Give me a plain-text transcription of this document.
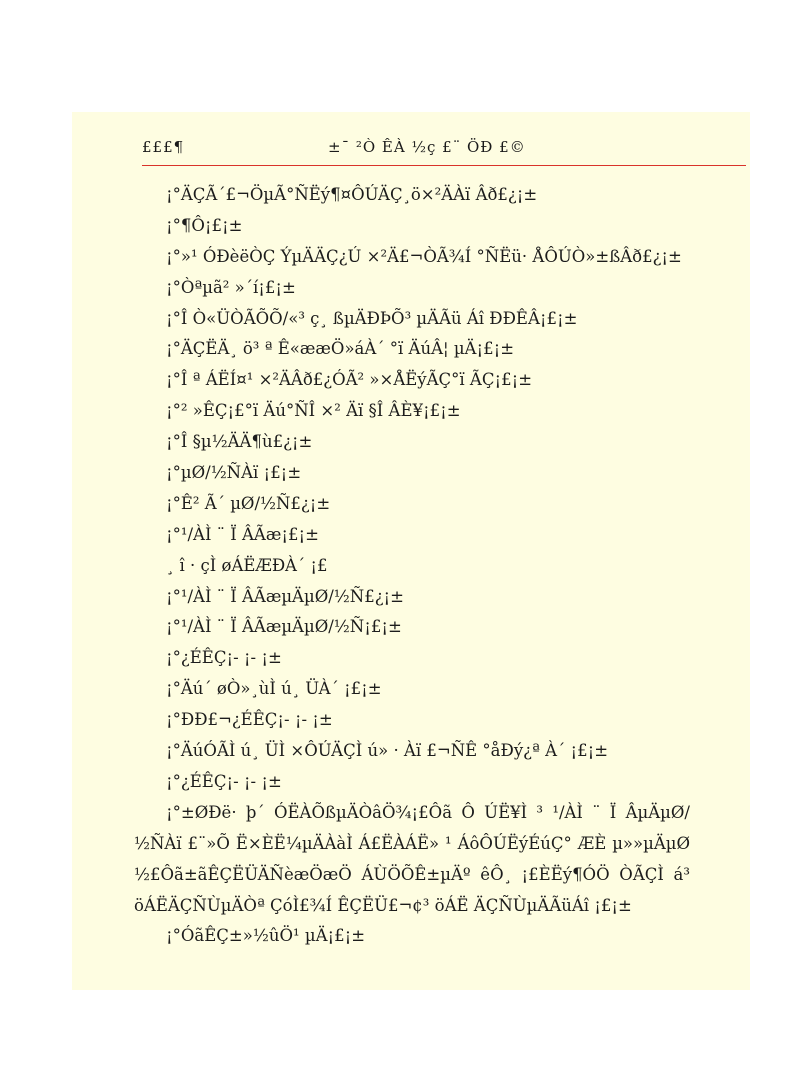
£££¶	±¯ ²Ò ÊÀ ½ç £¨ ÖÐ £©
¡°ÄÇÃ´£¬ÖµÃ°ÑËý¶¤ÔÚÄÇ¸ö×²ÄÀï Âð£¿¡±
¡°¶Ô¡£¡±
¡°»¹ ÓÐèëÒÇ ÝµÄÄÇ¿Ú ×²Ä£¬ÒÃ¾Í °ÑËü· ÅÔÚÒ»±ßÂð£¿¡±
¡°Òªµã² »´í¡£¡±
¡°Î Ò«ÜÒÃÕÕ/«³ ç¸ ßµÄÐÞÕ³ µÄÃü Áî ÐÐÊÂ¡£¡±
¡°ÄÇËÄ¸ ö³ ª Ê«ææÖ»áÀ´ °ï ÄúÂ¦ µÄ¡£¡±
¡°Î ª ÁËÍ¤¹ ×²ÄÂð£¿ÓÃ² »×ÅËýÃÇ°ï ÃÇ¡£¡±
¡°² »ÊÇ¡£°ï Äú°ÑÎ ×² Äï §Î ÂÈ¥¡£¡±
¡°Î §µ½ÄÄ¶ù£¿¡±
¡°µØ/½ÑÀï ¡£¡±
¡°Ê² Ã´ µØ/½Ñ£¿¡±
¡°¹/ÀÌ ¨ Ï ÂÃæ¡£¡±
¸ î · çÌ øÁËÆÐÀ´ ¡£
¡°¹/ÀÌ ¨ Ï ÂÃæµÄµØ/½Ñ£¿¡±
¡°¹/ÀÌ ¨ Ï ÂÃæµÄµØ/½Ñ¡£¡±
¡°¿ÉÊÇ¡- ¡- ¡±
¡°Äú´ øÒ»¸ùÌ ú¸ ÜÀ´ ¡£¡±
¡°ÐÐ£¬¿ÉÊÇ¡- ¡- ¡±
¡°ÄúÓÃÌ ú¸ ÜÌ ×ÔÚÄÇÌ ú» · Àï £¬ÑÊ °åÐý¿ª À´ ¡£¡±
¡°¿ÉÊÇ¡- ¡- ¡±
¡°±ØÐë· þ´ ÓËÀÕßµÄÒâÖ¾¡£Ôã Ô ÚË¥Ì ³ ¹/ÀÌ ¨ Ï ÂµÄµØ/½ÑÀï £¨»Õ Ë×ÈË¼µÄÀàÌ Á£ËÀÁË» ¹ ÁôÔÚËýÉúÇ° ÆÈ µ»»µÄµØ ½£Ôã±ãÊÇËÜÄÑèæÖæÖ ÁÙÖÕÊ±µÄº êÔ¸ ¡£ÈËý¶ÓÖ ÒÃÇÌ á³ öÁËÄÇÑÙµÄÒª ÇóÌ£¾Í ÊÇËÜ£¬¢³ öÁË ÄÇÑÙµÄÃüÁî ¡£¡±
¡°ÓãÊÇ±»½ûÖ¹ µÄ¡£¡±
